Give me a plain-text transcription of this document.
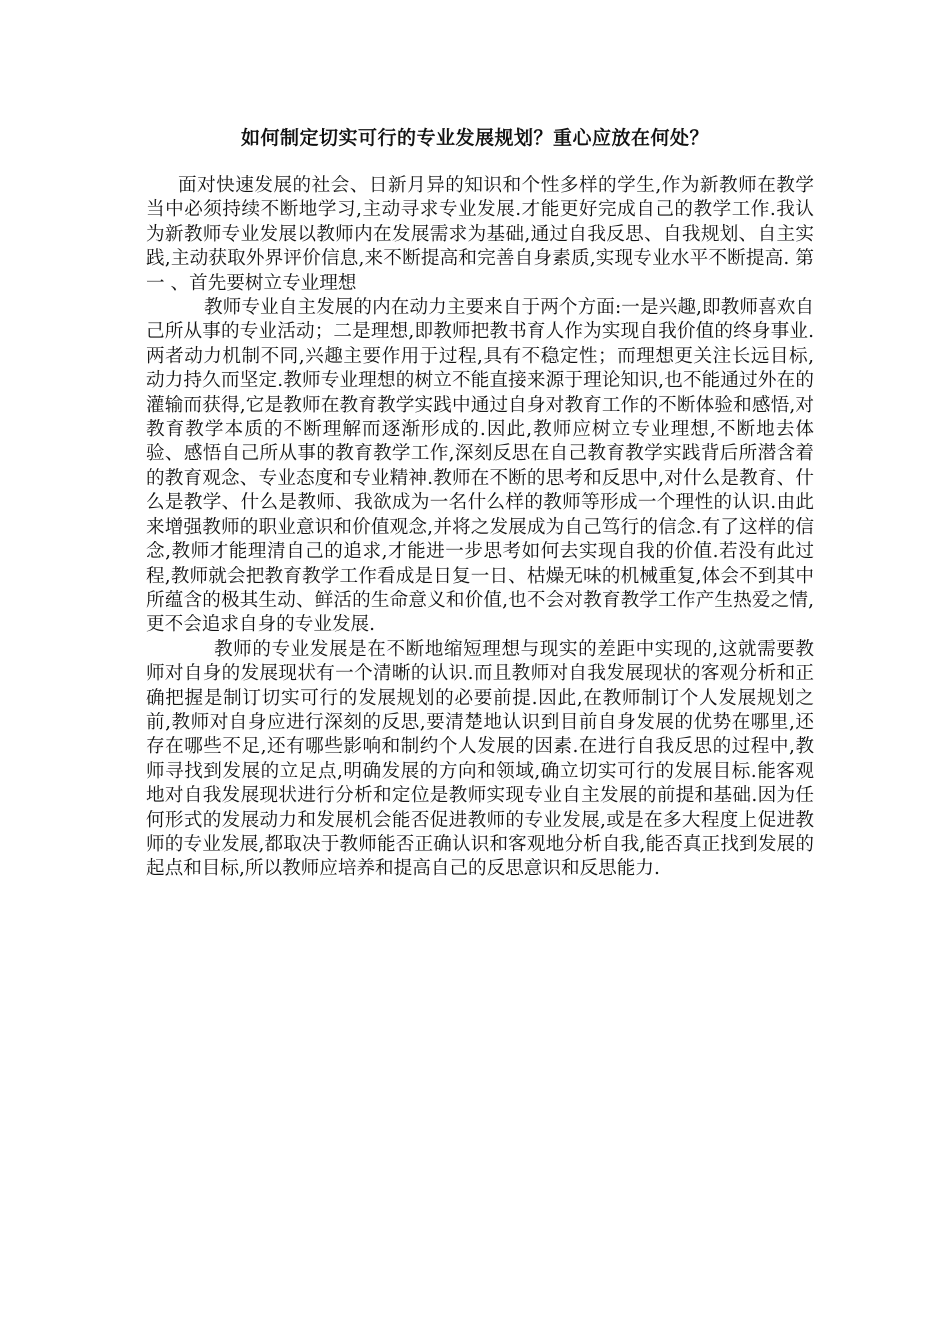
如何制定切实可行的专业发展规划？重心应放在何处？

面对快速发展的社会、日新月异的知识和个性多样的学生,作为新教师在教学当中必须持续不断地学习,主动寻求专业发展.才能更好完成自己的教学工作.我认为新教师专业发展以教师内在发展需求为基础,通过自我反思、自我规划、自主实践,主动获取外界评价信息,来不断提高和完善自身素质,实现专业水平不断提高. 第一 、首先要树立专业理想

教师专业自主发展的内在动力主要来自于两个方面:一是兴趣,即教师喜欢自己所从事的专业活动；二是理想,即教师把教书育人作为实现自我价值的终身事业.两者动力机制不同,兴趣主要作用于过程,具有不稳定性；而理想更关注长远目标,动力持久而坚定.教师专业理想的树立不能直接来源于理论知识,也不能通过外在的灌输而获得,它是教师在教育教学实践中通过自身对教育工作的不断体验和感悟,对教育教学本质的不断理解而逐渐形成的.因此,教师应树立专业理想,不断地去体验、感悟自己所从事的教育教学工作,深刻反思在自己教育教学实践背后所潜含着的教育观念、专业态度和专业精神.教师在不断的思考和反思中,对什么是教育、什么是教学、什么是教师、我欲成为一名什么样的教师等形成一个理性的认识.由此来增强教师的职业意识和价值观念,并将之发展成为自己笃行的信念.有了这样的信念,教师才能理清自己的追求,才能进一步思考如何去实现自我的价值.若没有此过程,教师就会把教育教学工作看成是日复一日、枯燥无味的机械重复,体会不到其中所蕴含的极其生动、鲜活的生命意义和价值,也不会对教育教学工作产生热爱之情,更不会追求自身的专业发展.

教师的专业发展是在不断地缩短理想与现实的差距中实现的,这就需要教师对自身的发展现状有一个清晰的认识.而且教师对自我发展现状的客观分析和正确把握是制订切实可行的发展规划的必要前提.因此,在教师制订个人发展规划之前,教师对自身应进行深刻的反思,要清楚地认识到目前自身发展的优势在哪里,还存在哪些不足,还有哪些影响和制约个人发展的因素.在进行自我反思的过程中,教师寻找到发展的立足点,明确发展的方向和领域,确立切实可行的发展目标.能客观地对自我发展现状进行分析和定位是教师实现专业自主发展的前提和基础.因为任何形式的发展动力和发展机会能否促进教师的专业发展,或是在多大程度上促进教师的专业发展,都取决于教师能否正确认识和客观地分析自我,能否真正找到发展的起点和目标,所以教师应培养和提高自己的反思意识和反思能力.
